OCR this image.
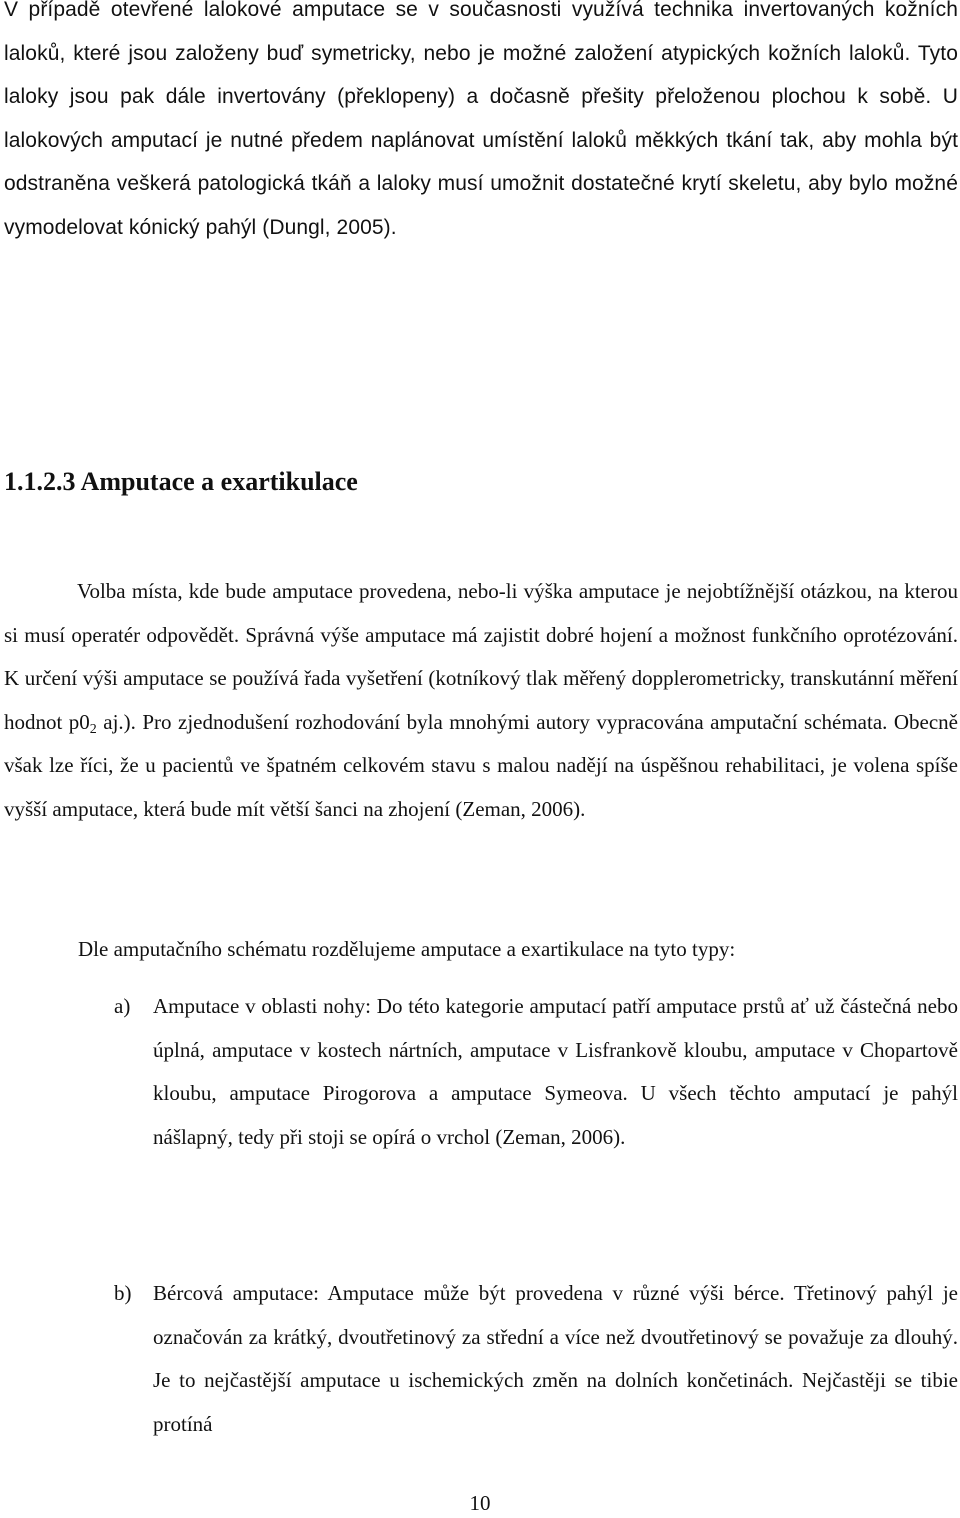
V případě otevřené lalokové amputace se v současnosti využívá technika invertovaných kožních laloků, které jsou založeny buď symetricky, nebo je možné založení atypických kožních laloků. Tyto laloky jsou pak dále invertovány (překlopeny) a dočasně přešity přeloženou plochou k sobě. U lalokových amputací je nutné předem naplánovat umístění laloků měkkých tkání tak, aby mohla být odstraněna veškerá patologická tkáň a laloky musí umožnit dostatečné krytí skeletu, aby bylo možné vymodelovat kónický pahýl (Dungl, 2005).

1.1.2.3 Amputace a exartikulace

Volba místa, kde bude amputace provedena, nebo-li výška amputace je nejobtížnější otázkou, na kterou si musí operatér odpovědět. Správná výše amputace má zajistit dobré hojení a možnost funkčního oprotézování. K určení výši amputace se používá řada vyšetření (kotníkový tlak měřený dopplerometricky, transkutánní měření hodnot $p0_2$ aj.). Pro zjednodušení rozhodování byla mnohými autory vypracována amputační schémata. Obecně však lze říci, že u pacientů ve špatném celkovém stavu s malou nadějí na úspěšnou rehabilitaci, je volena spíše vyšší amputace, která bude mít větší šanci na zhojení (Zeman, 2006).

Dle amputačního schématu rozdělujeme amputace a exartikulace na tyto typy:

a) Amputace v oblasti nohy: Do této kategorie amputací patří amputace prstů ať už částečná nebo úplná, amputace v kostech nártních, amputace v Lisfrankově kloubu, amputace v Chopartově kloubu, amputace Pirogorova a amputace Symeova. U všech těchto amputací je pahýl nášlapný, tedy při stoji se opírá o vrchol (Zeman, 2006).

b) Bércová amputace: Amputace může být provedena v různé výši bérce. Třetinový pahýl je označován za krátký, dvoutřetinový za střední a více než dvoutřetinový se považuje za dlouhý. Je to nejčastější amputace u ischemických změn na dolních končetinách. Nejčastěji se tibie protíná

10
